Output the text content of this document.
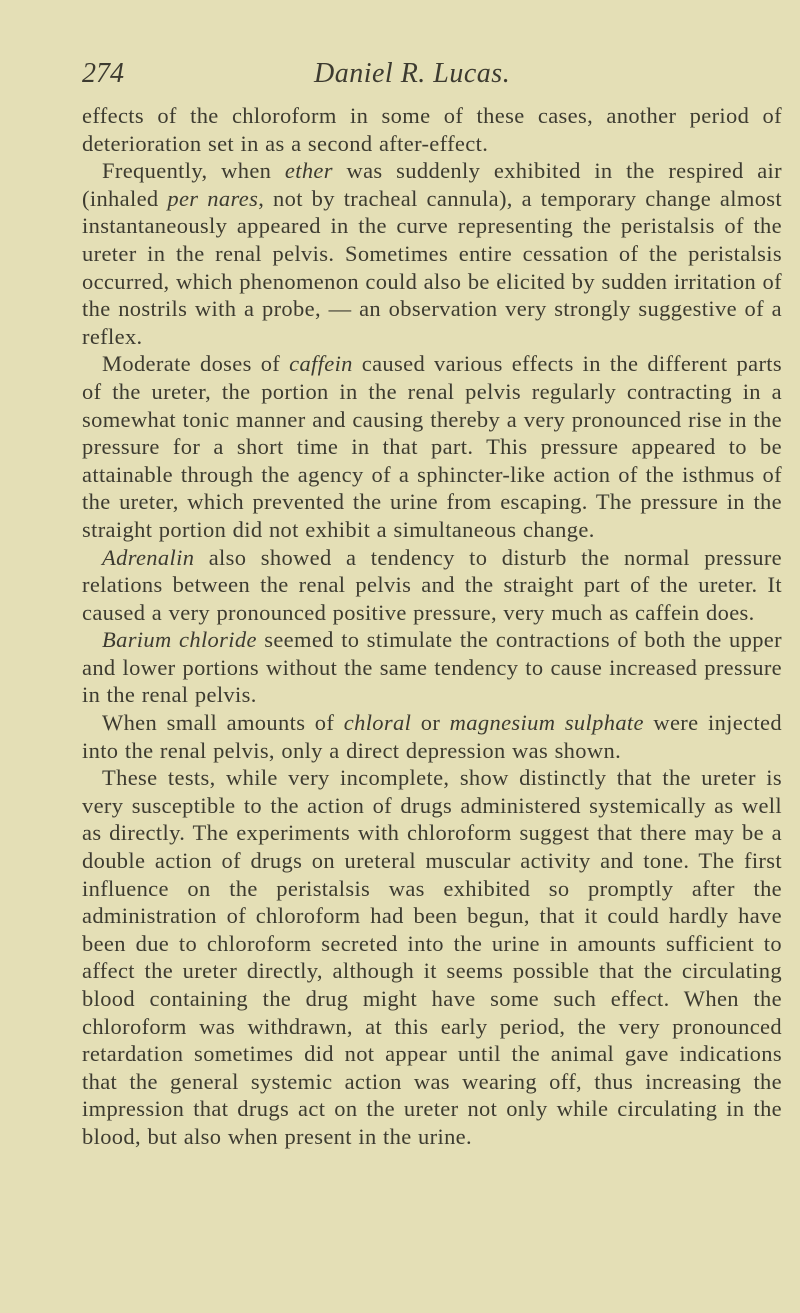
274	Daniel R. Lucas.

effects of the chloroform in some of these cases, another period of deterioration set in as a second after-effect.

Frequently, when ether was suddenly exhibited in the respired air (inhaled per nares, not by tracheal cannula), a temporary change almost instantaneously appeared in the curve representing the peristalsis of the ureter in the renal pelvis. Sometimes entire cessation of the peristalsis occurred, which phenomenon could also be elicited by sudden irritation of the nostrils with a probe, — an observation very strongly suggestive of a reflex.

Moderate doses of caffein caused various effects in the different parts of the ureter, the portion in the renal pelvis regularly contracting in a somewhat tonic manner and causing thereby a very pronounced rise in the pressure for a short time in that part. This pressure appeared to be attainable through the agency of a sphincter-like action of the isthmus of the ureter, which prevented the urine from escaping. The pressure in the straight portion did not exhibit a simultaneous change.

Adrenalin also showed a tendency to disturb the normal pressure relations between the renal pelvis and the straight part of the ureter. It caused a very pronounced positive pressure, very much as caffein does.

Barium chloride seemed to stimulate the contractions of both the upper and lower portions without the same tendency to cause increased pressure in the renal pelvis.

When small amounts of chloral or magnesium sulphate were injected into the renal pelvis, only a direct depression was shown.

These tests, while very incomplete, show distinctly that the ureter is very susceptible to the action of drugs administered systemically as well as directly. The experiments with chloroform suggest that there may be a double action of drugs on ureteral muscular activity and tone. The first influence on the peristalsis was exhibited so promptly after the administration of chloroform had been begun, that it could hardly have been due to chloroform secreted into the urine in amounts sufficient to affect the ureter directly, although it seems possible that the circulating blood containing the drug might have some such effect. When the chloroform was withdrawn, at this early period, the very pronounced retardation sometimes did not appear until the animal gave indications that the general systemic action was wearing off, thus increasing the impression that drugs act on the ureter not only while circulating in the blood, but also when present in the urine.
